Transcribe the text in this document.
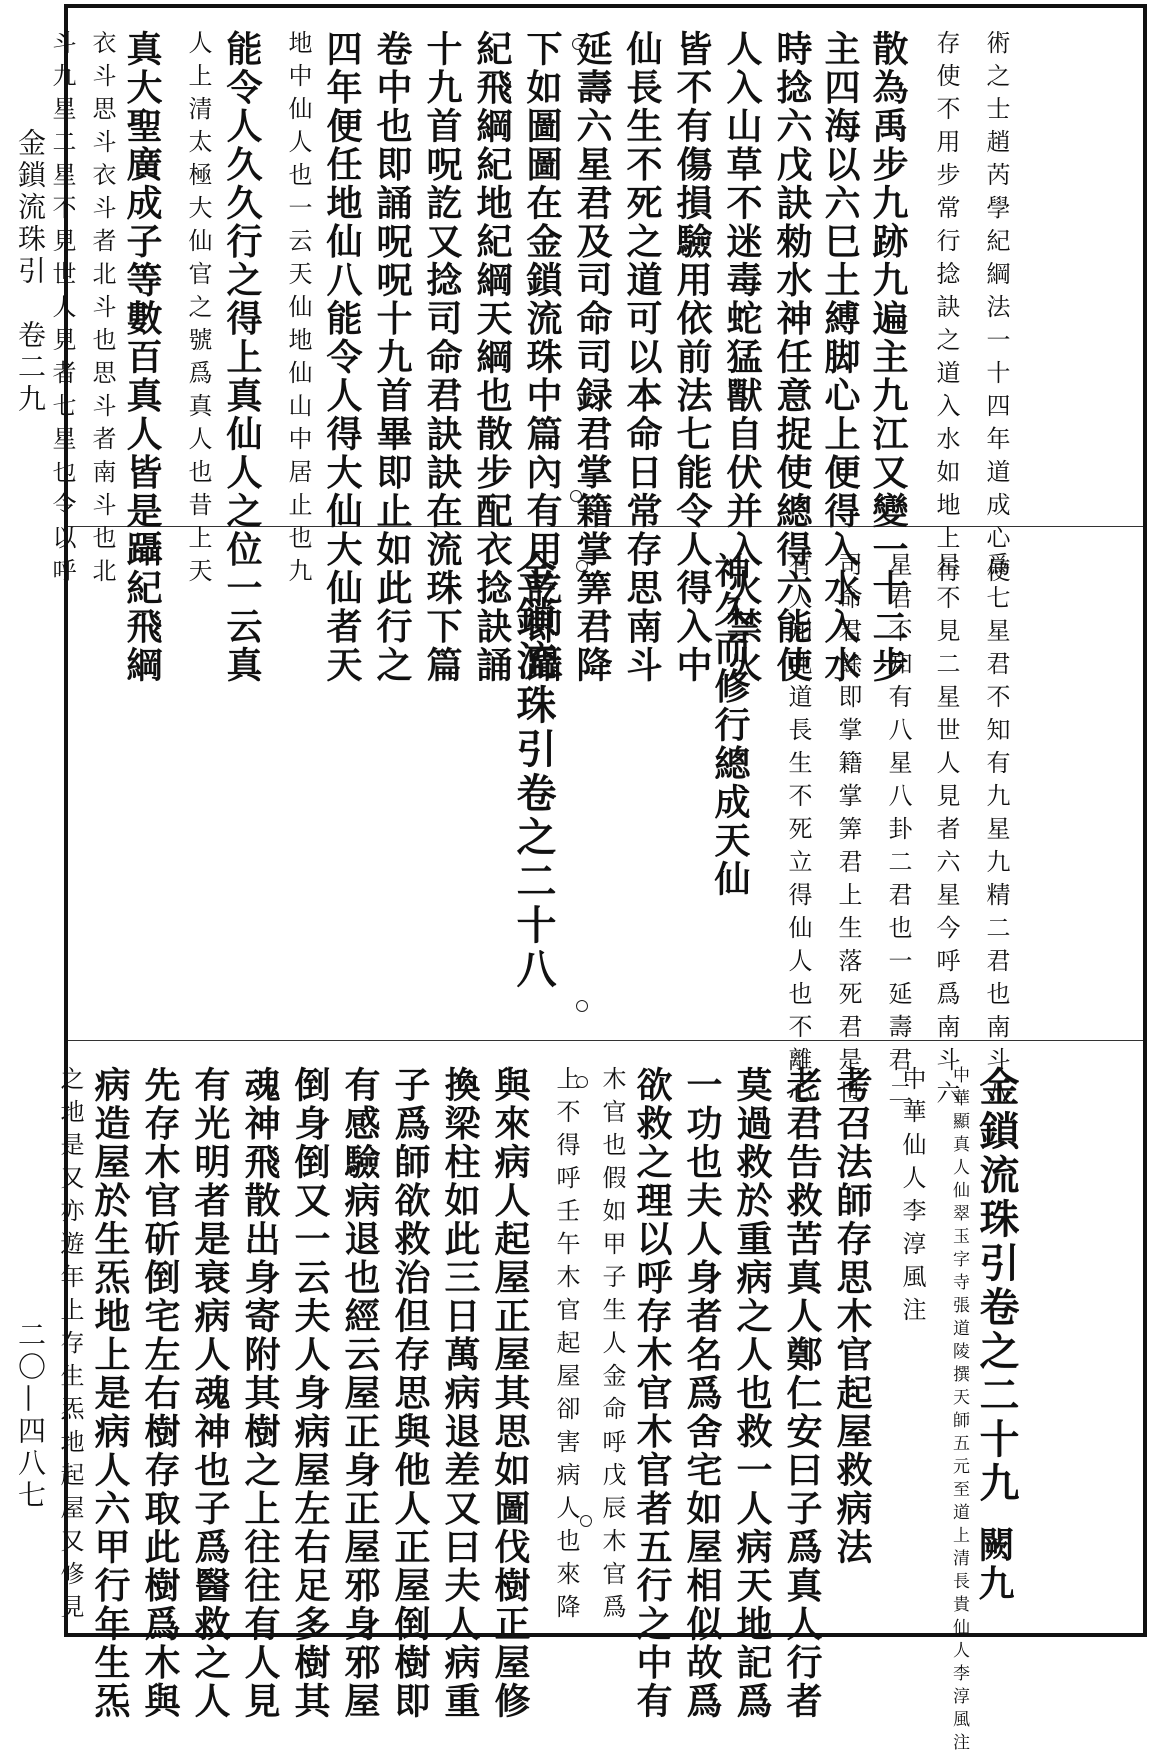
金鎖流珠引　卷二九
二〇—四八七
術之士趙芮學紀綱法一十四年道成心便
存使不用步常行捻訣之道入水如地上行
散為禹步九跡九遍主九江又變一十二步
主四海以六巳土縛脚心上便得入水入水
時捻六戊訣勑水神任意捉使總得六能使
人入山草不迷毒蛇猛獸自伏并入火禁火
皆不有傷損驗用依前法七能令人得入中
仙長生不死之道可以本命日常存思南斗
延壽六星君及司命司録君掌籍掌筭君降
下如圖圖在金鎖流珠中篇內有用訖即躡
紀飛綱紀地紀綱天綱也散步配衣捻訣誦
十九首呪訖又捻司命君訣訣在流珠下篇
卷中也即誦呪呪十九首畢即止如此行之
四年便任地仙八能令人得大仙大仙者天
地中仙人也一云天仙地仙山中居止也九
能令人久久行之得上真仙人之位一云真
人上清太極大仙官之號爲真人也昔上天
真大聖廣成子等數百真人皆是躡紀飛綱
衣斗思斗衣斗者北斗也思斗者南斗也北
斗九星二星不見世人見者七星也令以呼
爲七星君不知有九星九精二君也南斗八
星不見二星世人見者六星今呼爲南斗六
星君不知有八星八卦二君也一延壽君二
司命君餘即掌籍掌筭君上生落死君是世
有人知此道長生不死立得仙人也不離心
神久而修行總成天仙
金鎖流珠引卷之二十八
金鎖流珠引卷之二十九
闕九
中華顯真人仙翠玉字寺張道陵撰天師五元至道上清長貴仙人李淳風注
中華仙人李淳風注
考召法師存思木官起屋救病法
老君告救苦真人鄭仁安曰子爲真人行者
莫過救於重病之人也救一人病天地記爲
一功也夫人身者名爲舍宅如屋相似故爲
欲救之理以呼存木官木官者五行之中有
木官也假如甲子生人金命呼戊辰木官爲
上不得呼壬午木官起屋卻害病人也來降
與來病人起屋正屋其思如圖伐樹正屋修
換梁柱如此三日萬病退差又曰夫人病重
子爲師欲救治但存思與他人正屋倒樹即
有感驗病退也經云屋正身正屋邪身邪屋
倒身倒又一云夫人身病屋左右足多樹其
魂神飛散出身寄附其樹之上往往有人見
有光明者是衰病人魂神也子爲醫救之人
先存木官斫倒宅左右樹存取此樹爲木與
病造屋於生炁地上是病人六甲行年生炁
之地是又亦遊年上存生炁地起屋又修見
